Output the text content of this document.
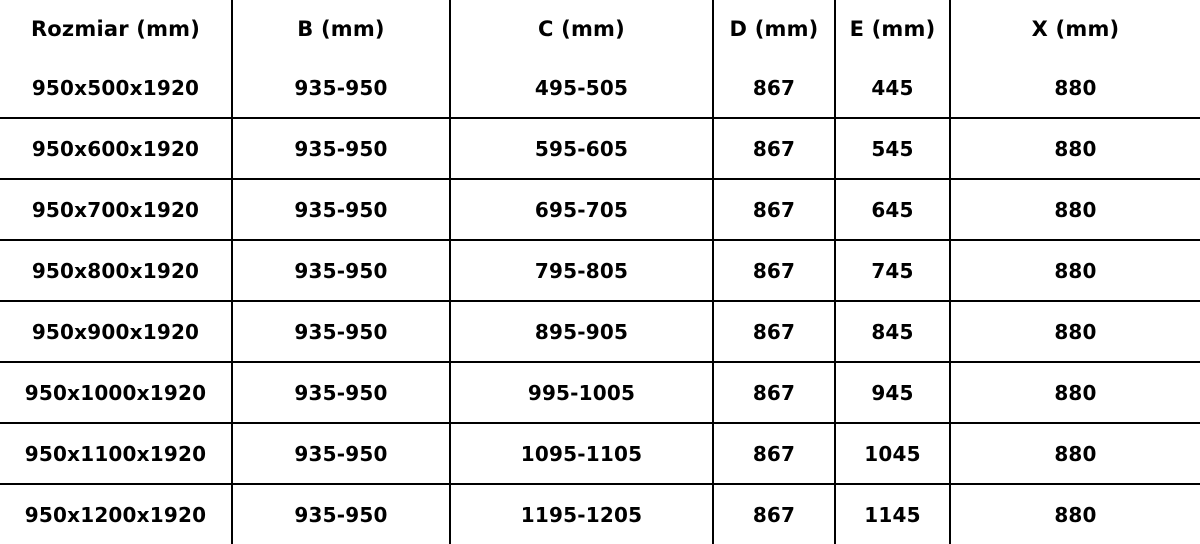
Rozmiar (mm)	B (mm)	C (mm)	D (mm)	E (mm)	X (mm)
950x500x1920	935-950	495-505	867	445	880
950x600x1920	935-950	595-605	867	545	880
950x700x1920	935-950	695-705	867	645	880
950x800x1920	935-950	795-805	867	745	880
950x900x1920	935-950	895-905	867	845	880
950x1000x1920	935-950	995-1005	867	945	880
950x1100x1920	935-950	1095-1105	867	1045	880
950x1200x1920	935-950	1195-1205	867	1145	880
